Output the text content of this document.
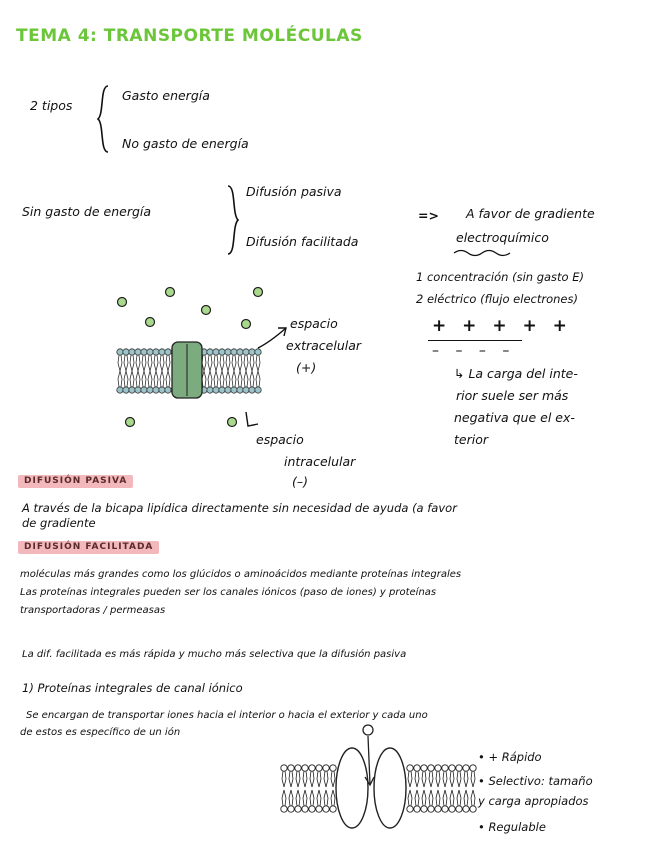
TEMA 4: TRANSPORTE MOLÉCULAS
2 tipos
Gasto energía
No gasto de energía
Sin gasto de energía
Difusión pasiva
Difusión facilitada
=> A favor de gradiente
electroquímico
1 concentración (sin gasto E)
2 eléctrico (flujo electrones)
+ + + + +
– – – –
↳ La carga del inte-
rior suele ser más
negativa que el ex-
terior
espacio
extracelular
(+)
espacio
intracelular
(–)
DIFUSIÓN PASIVA
A través de la bicapa lipídica directamente sin necesidad de ayuda (a favor
de gradiente
DIFUSIÓN FACILITADA
moléculas más grandes como los glúcidos o aminoácidos mediante proteínas integrales
Las proteínas integrales pueden ser los canales iónicos (paso de iones) y proteínas
transportadoras / permeasas
La dif. facilitada es más rápida y mucho más selectiva que la difusión pasiva
1) Proteínas integrales de canal iónico
Se encargan de transportar iones hacia el interior o hacia el exterior y cada uno
de estos es específico de un ión
• + Rápido
• Selectivo: tamaño
y carga apropiados
• Regulable
